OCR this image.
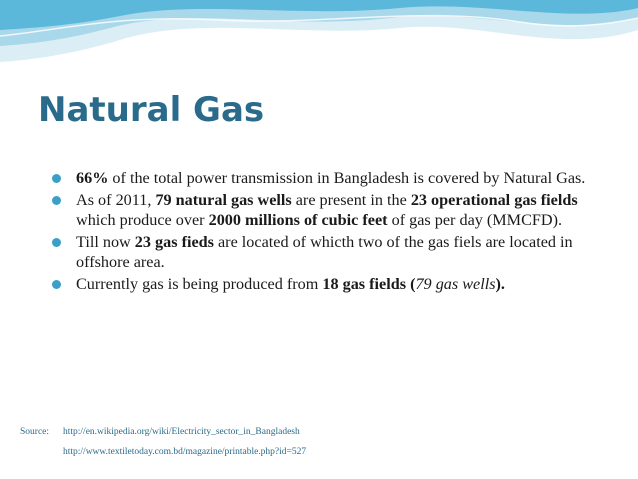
Natural Gas
66% of the total power transmission in Bangladesh is covered by Natural Gas.
As of 2011, 79 natural gas wells are present in the 23 operational gas fields which produce over 2000 millions of cubic feet of gas per day (MMCFD).
Till now 23 gas fieds are located of whicth two of the gas fiels are located in offshore area.
Currently gas is being produced from 18 gas fields (79 gas wells).
Source:	http://en.wikipedia.org/wiki/Electricity_sector_in_Bangladesh
http://www.textiletoday.com.bd/magazine/printable.php?id=527
